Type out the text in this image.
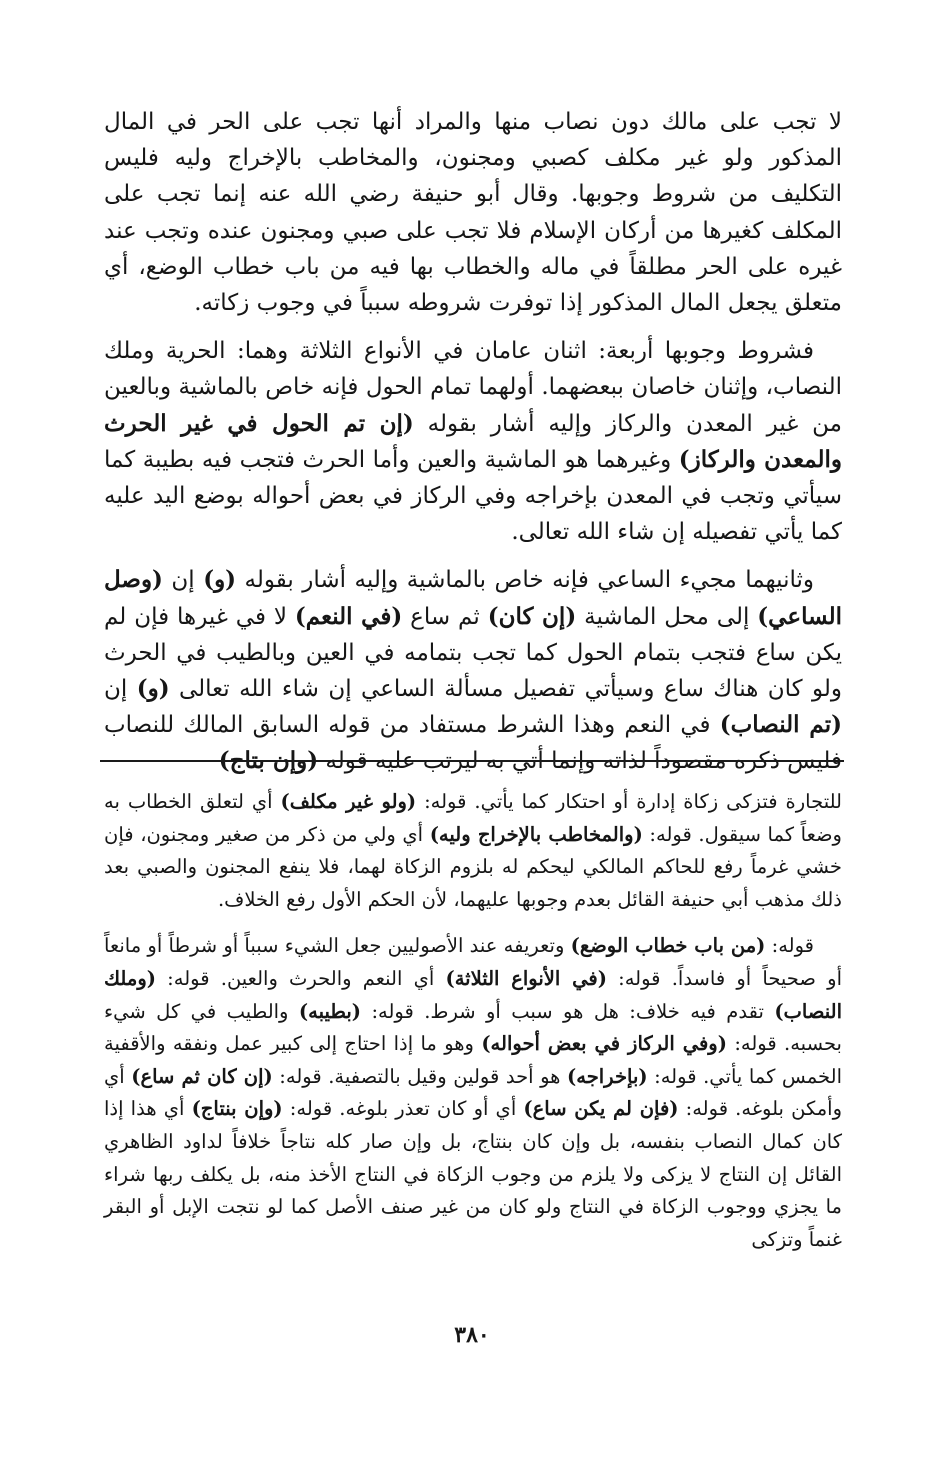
لا تجب على مالك دون نصاب منها والمراد أنها تجب على الحر في المال المذكور ولو غير مكلف كصبي ومجنون، والمخاطب بالإخراج وليه فليس التكليف من شروط وجوبها. وقال أبو حنيفة رضي الله عنه إنما تجب على المكلف كغيرها من أركان الإسلام فلا تجب على صبي ومجنون عنده وتجب عند غيره على الحر مطلقاً في ماله والخطاب بها فيه من باب خطاب الوضع، أي متعلق يجعل المال المذكور إذا توفرت شروطه سبباً في وجوب زكاته.

فشروط وجوبها أربعة: اثنان عامان في الأنواع الثلاثة وهما: الحرية وملك النصاب، وإثنان خاصان ببعضهما. أولهما تمام الحول فإنه خاص بالماشية وبالعين من غير المعدن والركاز وإليه أشار بقوله (إن تم الحول في غير الحرث والمعدن والركاز) وغيرهما هو الماشية والعين وأما الحرث فتجب فيه بطيبة كما سيأتي وتجب في المعدن بإخراجه وفي الركاز في بعض أحواله بوضع اليد عليه كما يأتي تفصيله إن شاء الله تعالى.

وثانيهما مجيء الساعي فإنه خاص بالماشية وإليه أشار بقوله (و) إن (وصل الساعي) إلى محل الماشية (إن كان) ثم ساع (في النعم) لا في غيرها فإن لم يكن ساع فتجب بتمام الحول كما تجب بتمامه في العين وبالطيب في الحرث ولو كان هناك ساع وسيأتي تفصيل مسألة الساعي إن شاء الله تعالى (و) إن (تم النصاب) في النعم وهذا الشرط مستفاد من قوله السابق المالك للنصاب فليس ذكره مقصوداً لذاته وإنما أتي به ليرتب عليه قوله (وإن بتاج)

للتجارة فتزكى زكاة إدارة أو احتكار كما يأتي. قوله: (ولو غير مكلف) أي لتعلق الخطاب به وضعاً كما سيقول. قوله: (والمخاطب بالإخراج وليه) أي ولي من ذكر من صغير ومجنون، فإن خشي غرماً رفع للحاكم المالكي ليحكم له بلزوم الزكاة لهما، فلا ينفع المجنون والصبي بعد ذلك مذهب أبي حنيفة القائل بعدم وجوبها عليهما، لأن الحكم الأول رفع الخلاف.

قوله: (من باب خطاب الوضع) وتعريفه عند الأصوليين جعل الشيء سبباً أو شرطاً أو مانعاً أو صحيحاً أو فاسداً. قوله: (في الأنواع الثلاثة) أي النعم والحرث والعين. قوله: (وملك النصاب) تقدم فيه خلاف: هل هو سبب أو شرط. قوله: (بطيبه) والطيب في كل شيء بحسبه. قوله: (وفي الركاز في بعض أحواله) وهو ما إذا احتاج إلى كبير عمل ونفقه والأقفية الخمس كما يأتي. قوله: (بإخراجه) هو أحد قولين وقيل بالتصفية. قوله: (إن كان ثم ساع) أي وأمكن بلوغه. قوله: (فإن لم يكن ساع) أي أو كان تعذر بلوغه. قوله: (وإن بنتاج) أي هذا إذا كان كمال النصاب بنفسه، بل وإن كان بنتاج، بل وإن صار كله نتاجاً خلافاً لداود الظاهري القائل إن النتاج لا يزكى ولا يلزم من وجوب الزكاة في النتاج الأخذ منه، بل يكلف ربها شراء ما يجزي ووجوب الزكاة في النتاج ولو كان من غير صنف الأصل كما لو نتجت الإبل أو البقر غنماً وتزكى

٣٨٠
